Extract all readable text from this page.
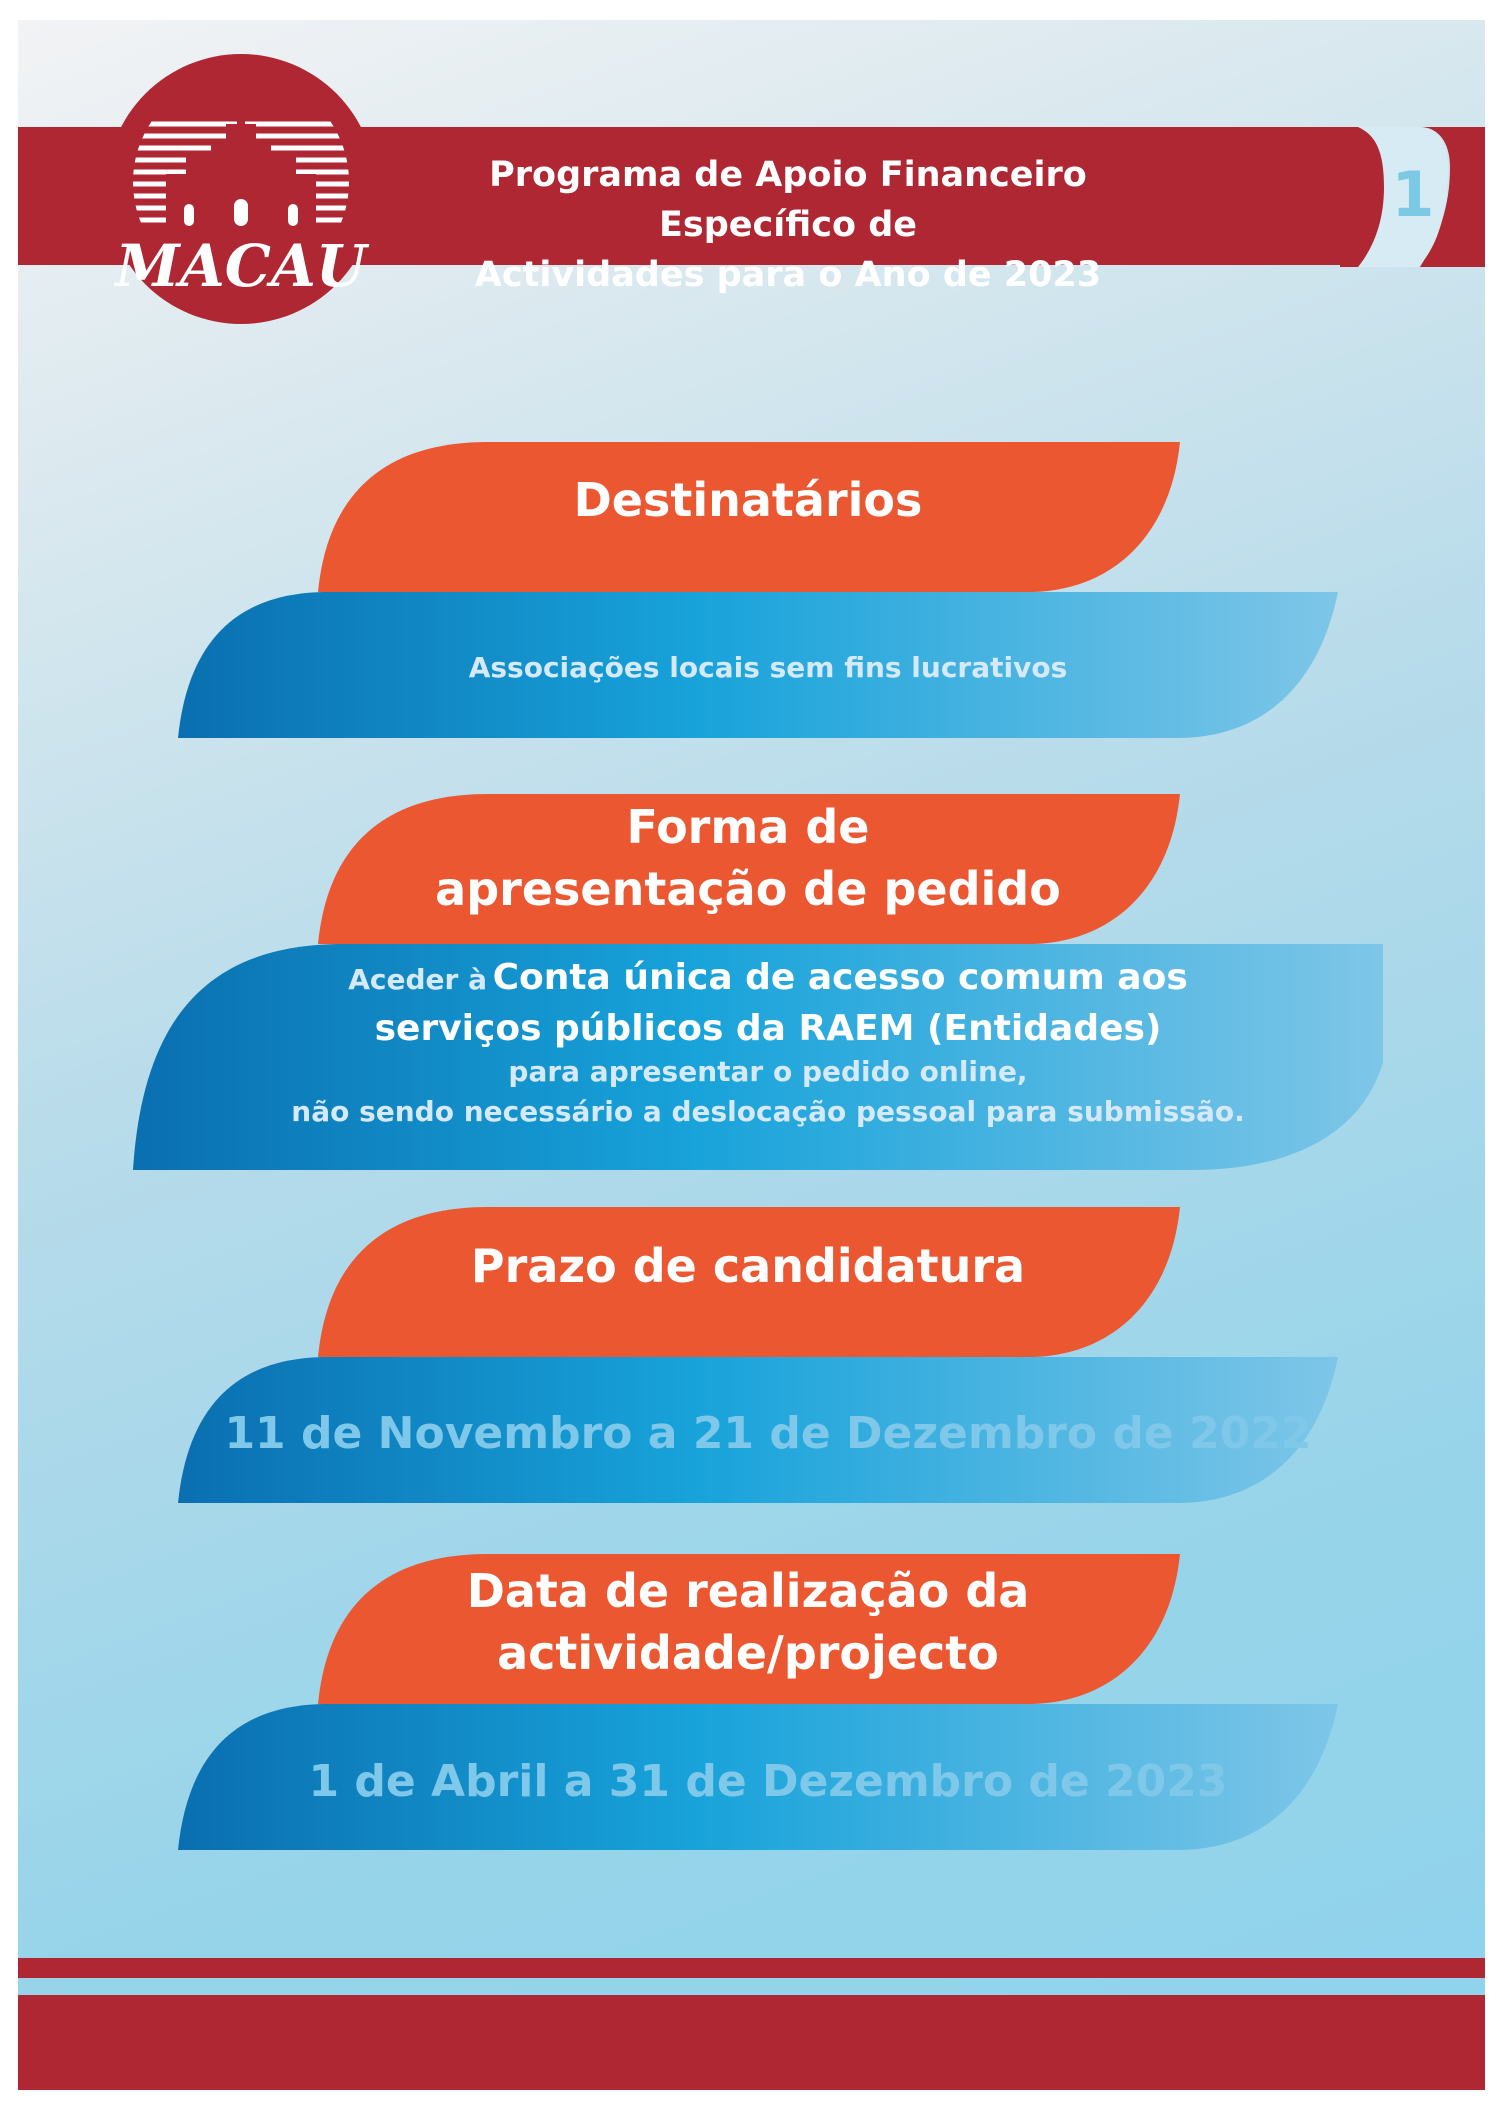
1
Programa de Apoio Financeiro Específico de
Actividades para o Ano de 2023
MACAU
Destinatários
Associações locais sem fins lucrativos
Forma de
apresentação de pedido
Aceder à Conta única de acesso comum aos
serviços públicos da RAEM (Entidades)
para apresentar o pedido online,
não sendo necessário a deslocação pessoal para submissão.
Prazo de candidatura
11 de Novembro a 21 de Dezembro de 2022
Data de realização da
actividade/projecto
1 de Abril a 31 de Dezembro de 2023
